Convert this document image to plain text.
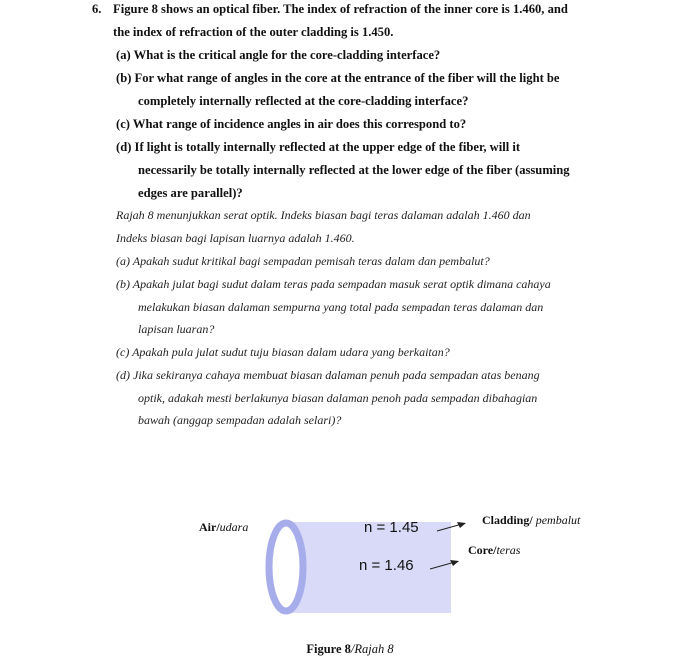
6. Figure 8 shows an optical fiber. The index of refraction of the inner core is 1.460, and
the index of refraction of the outer cladding is 1.450.
(a) What is the critical angle for the core-cladding interface?
(b) For what range of angles in the core at the entrance of the fiber will the light be
completely internally reflected at the core-cladding interface?
(c) What range of incidence angles in air does this correspond to?
(d) If light is totally internally reflected at the upper edge of the fiber, will it
necessarily be totally internally reflected at the lower edge of the fiber (assuming
edges are parallel)?
Rajah 8 menunjukkan serat optik. Indeks biasan bagi teras dalaman adalah 1.460 dan
Indeks biasan bagi lapisan luarnya adalah 1.460.
(a) Apakah sudut kritikal bagi sempadan pemisah teras dalam dan pembalut?
(b) Apakah julat bagi sudut dalam teras pada sempadan masuk serat optik dimana cahaya
melakukan biasan dalaman sempurna yang total pada sempadan teras dalaman dan
lapisan luaran?
(c) Apakah pula julat sudut tuju biasan dalam udara yang berkaitan?
(d) Jika sekiranya cahaya membuat biasan dalaman penuh pada sempadan atas benang
optik, adakah mesti berlakunya biasan dalaman penoh pada sempadan dibahagian
bawah (anggap sempadan adalah selari)?
Air/udara	n = 1.45
n = 1.46
Cladding/ pembalut
Core/teras
Figure 8/Rajah 8
